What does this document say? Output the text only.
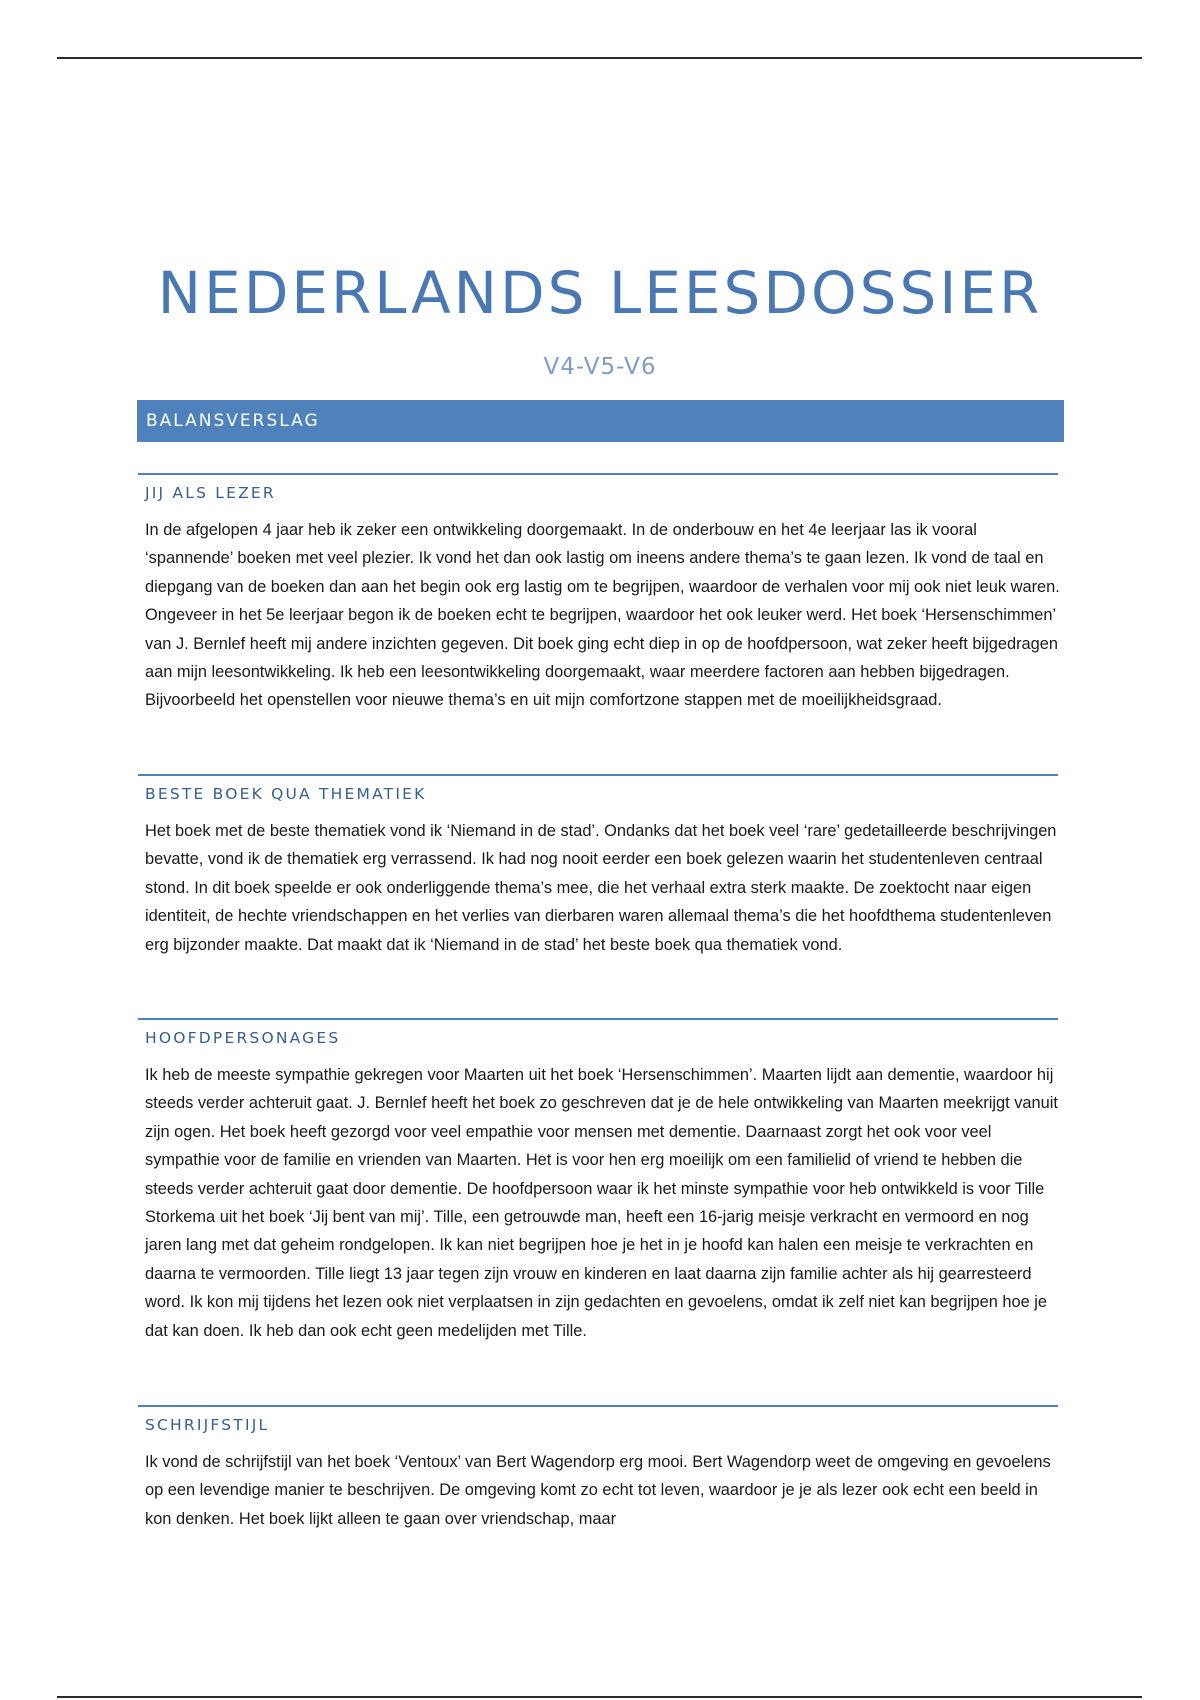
NEDERLANDS LEESDOSSIER
V4-V5-V6
BALANSVERSLAG
JIJ ALS LEZER

In de afgelopen 4 jaar heb ik zeker een ontwikkeling doorgemaakt. In de onderbouw en het 4e leerjaar las ik vooral ‘spannende’ boeken met veel plezier. Ik vond het dan ook lastig om ineens andere thema’s te gaan lezen. Ik vond de taal en diepgang van de boeken dan aan het begin ook erg lastig om te begrijpen, waardoor de verhalen voor mij ook niet leuk waren. Ongeveer in het 5e leerjaar begon ik de boeken echt te begrijpen, waardoor het ook leuker werd. Het boek ‘Hersenschimmen’ van J. Bernlef heeft mij andere inzichten gegeven. Dit boek ging echt diep in op de hoofdpersoon, wat zeker heeft bijgedragen aan mijn leesontwikkeling. Ik heb een leesontwikkeling doorgemaakt, waar meerdere factoren aan hebben bijgedragen. Bijvoorbeeld het openstellen voor nieuwe thema’s en uit mijn comfortzone stappen met de moeilijkheidsgraad.

BESTE BOEK QUA THEMATIEK

Het boek met de beste thematiek vond ik ‘Niemand in de stad’. Ondanks dat het boek veel ‘rare’ gedetailleerde beschrijvingen bevatte, vond ik de thematiek erg verrassend. Ik had nog nooit eerder een boek gelezen waarin het studentenleven centraal stond. In dit boek speelde er ook onderliggende thema’s mee, die het verhaal extra sterk maakte. De zoektocht naar eigen identiteit, de hechte vriendschappen en het verlies van dierbaren waren allemaal thema’s die het hoofdthema studentenleven erg bijzonder maakte. Dat maakt dat ik ‘Niemand in de stad’ het beste boek qua thematiek vond.

HOOFDPERSONAGES

Ik heb de meeste sympathie gekregen voor Maarten uit het boek ‘Hersenschimmen’. Maarten lijdt aan dementie, waardoor hij steeds verder achteruit gaat. J. Bernlef heeft het boek zo geschreven dat je de hele ontwikkeling van Maarten meekrijgt vanuit zijn ogen. Het boek heeft gezorgd voor veel empathie voor mensen met dementie. Daarnaast zorgt het ook voor veel sympathie voor de familie en vrienden van Maarten. Het is voor hen erg moeilijk om een familielid of vriend te hebben die steeds verder achteruit gaat door dementie. De hoofdpersoon waar ik het minste sympathie voor heb ontwikkeld is voor Tille Storkema uit het boek ‘Jij bent van mij’. Tille, een getrouwde man, heeft een 16-jarig meisje verkracht en vermoord en nog jaren lang met dat geheim rondgelopen. Ik kan niet begrijpen hoe je het in je hoofd kan halen een meisje te verkrachten en daarna te vermoorden. Tille liegt 13 jaar tegen zijn vrouw en kinderen en laat daarna zijn familie achter als hij gearresteerd word. Ik kon mij tijdens het lezen ook niet verplaatsen in zijn gedachten en gevoelens, omdat ik zelf niet kan begrijpen hoe je dat kan doen. Ik heb dan ook echt geen medelijden met Tille.

SCHRIJFSTIJL

Ik vond de schrijfstijl van het boek ‘Ventoux’ van Bert Wagendorp erg mooi. Bert Wagendorp weet de omgeving en gevoelens op een levendige manier te beschrijven. De omgeving komt zo echt tot leven, waardoor je je als lezer ook echt een beeld in kon denken. Het boek lijkt alleen te gaan over vriendschap, maar
